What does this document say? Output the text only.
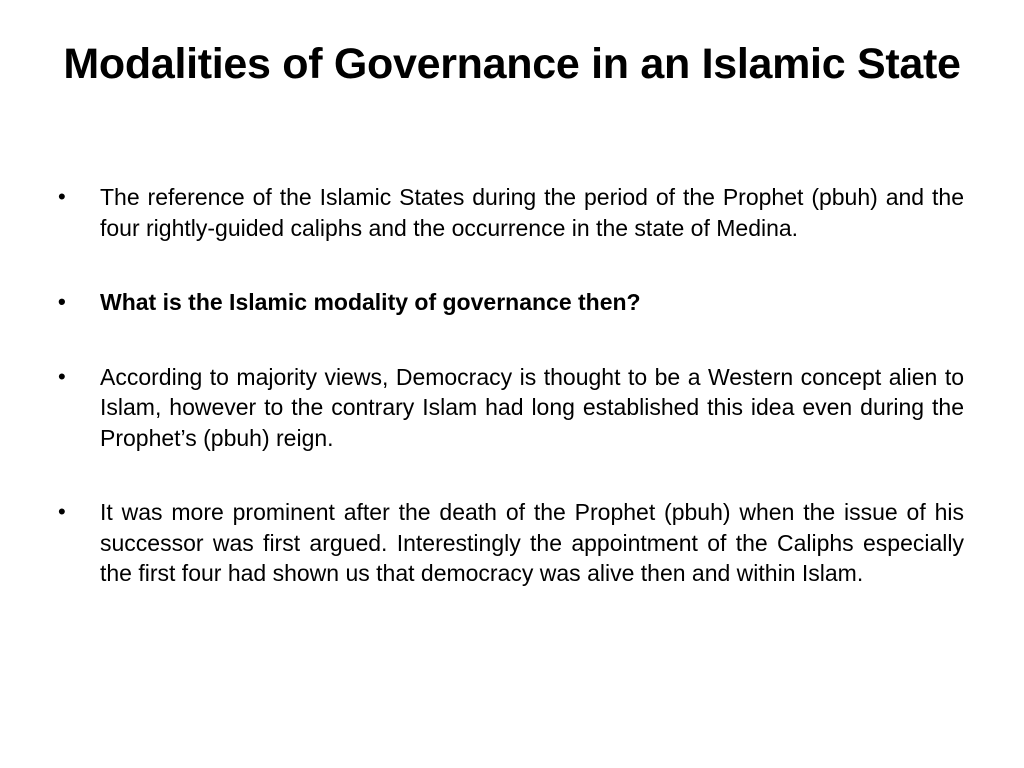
Modalities of Governance in an Islamic State
•	The reference of the Islamic States during the period of the Prophet (pbuh) and the four rightly-guided caliphs and the occurrence in the state of Medina.
•	What is the Islamic modality of governance then?
•	According to majority views, Democracy is thought to be a Western concept alien to Islam, however to the contrary Islam had long established this idea even during the Prophet’s (pbuh) reign.
•	It was more prominent after the death of the Prophet (pbuh) when the issue of his successor was first argued. Interestingly the appointment of the Caliphs especially the first four had shown us that democracy was alive then and within Islam.
